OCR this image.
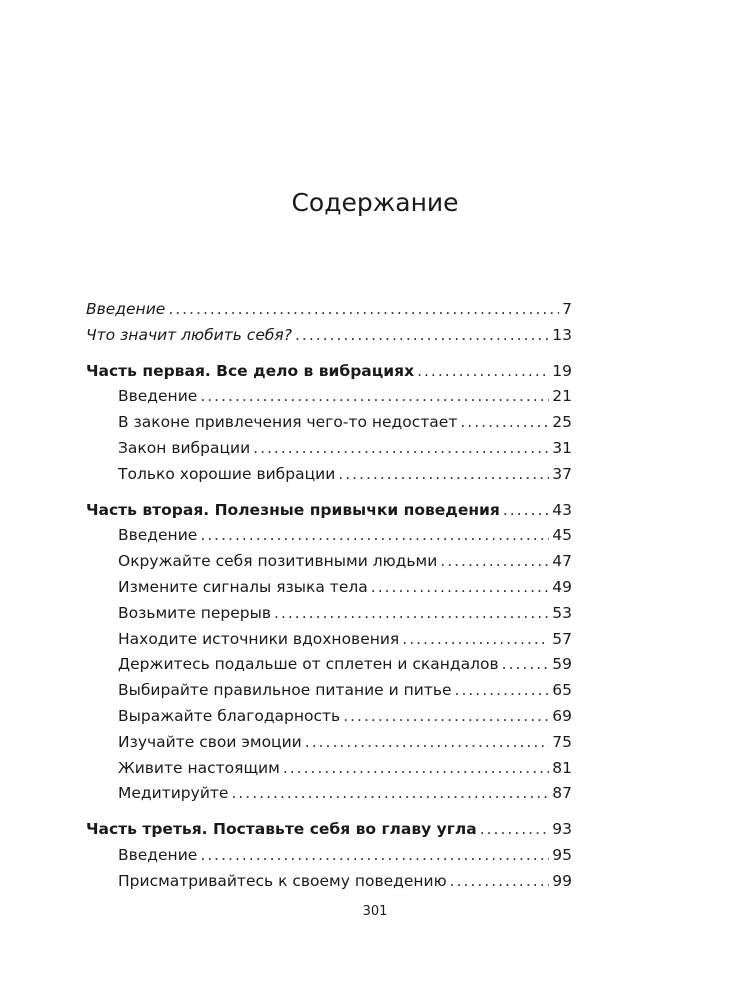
Содержание
Введение .....	7
Что значит любить себя? .....	13
Часть первая. Все дело в вибрациях .....	19
Введение .....	21
В законе привлечения чего-то недостает .....	25
Закон вибрации .....	31
Только хорошие вибрации .....	37
Часть вторая. Полезные привычки поведения .....	43
Введение .....	45
Окружайте себя позитивными людьми .....	47
Измените сигналы языка тела .....	49
Возьмите перерыв .....	53
Находите источники вдохновения .....	57
Держитесь подальше от сплетен и скандалов .....	59
Выбирайте правильное питание и питье .....	65
Выражайте благодарность .....	69
Изучайте свои эмоции .....	75
Живите настоящим .....	81
Медитируйте .....	87
Часть третья. Поставьте себя во главу угла .....	93
Введение .....	95
Присматривайтесь к своему поведению .....	99
301
